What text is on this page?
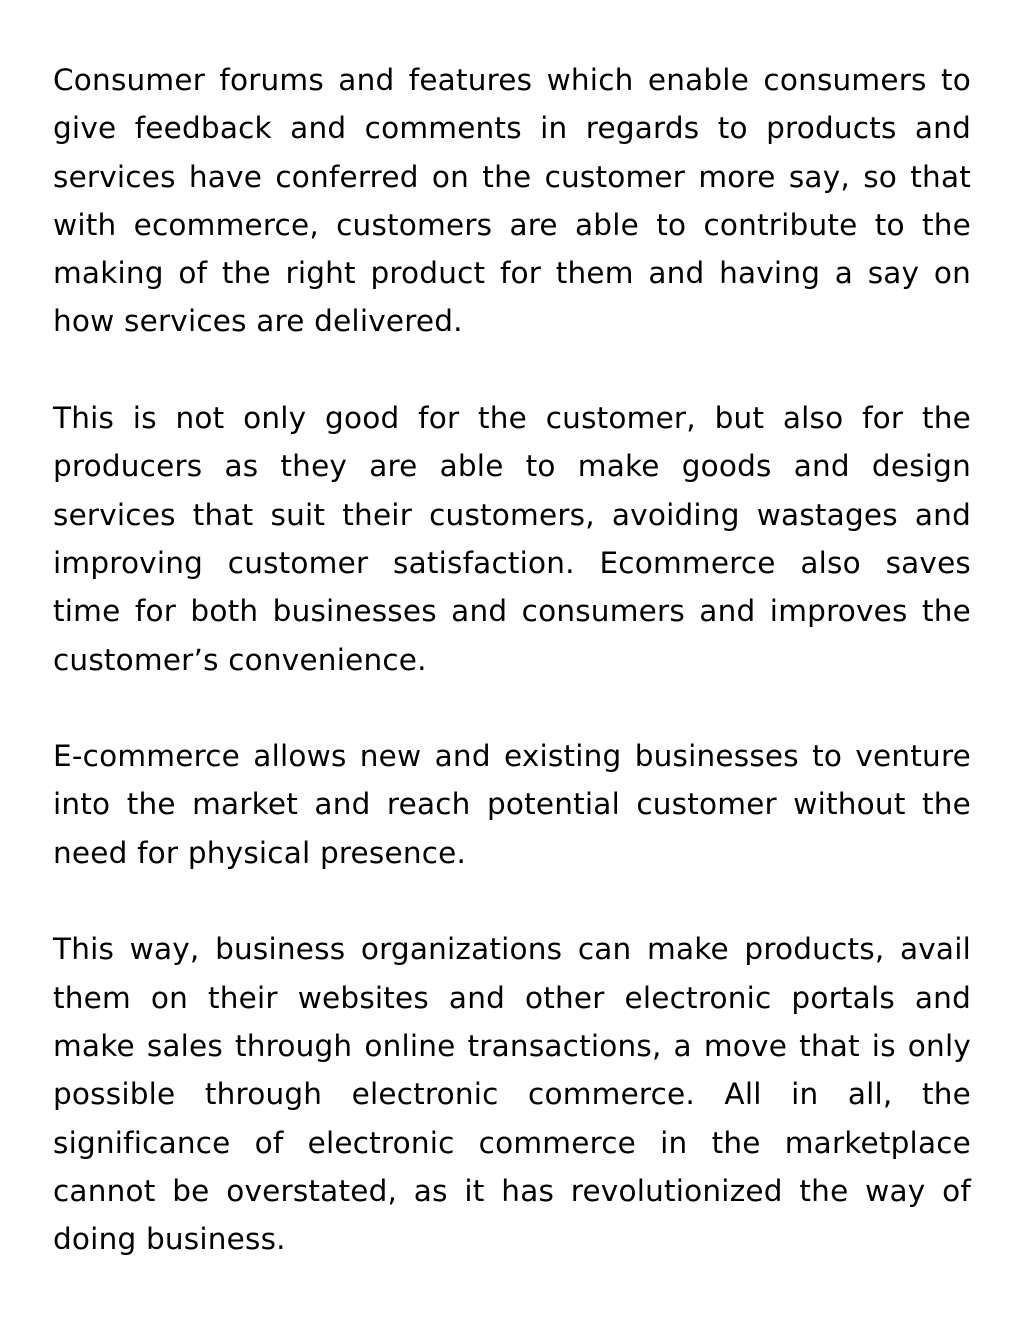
Consumer forums and features which enable consumers to give feedback and comments in regards to products and services have conferred on the customer more say, so that with ecommerce, customers are able to contribute to the making of the right product for them and having a say on how services are delivered.

This is not only good for the customer, but also for the producers as they are able to make goods and design services that suit their customers, avoiding wastages and improving customer satisfaction. Ecommerce also saves time for both businesses and consumers and improves the customer’s convenience.

E-commerce allows new and existing businesses to venture into the market and reach potential customer without the need for physical presence.

This way, business organizations can make products, avail them on their websites and other electronic portals and make sales through online transactions, a move that is only possible through electronic commerce. All in all, the significance of electronic commerce in the marketplace cannot be overstated, as it has revolutionized the way of doing business.
